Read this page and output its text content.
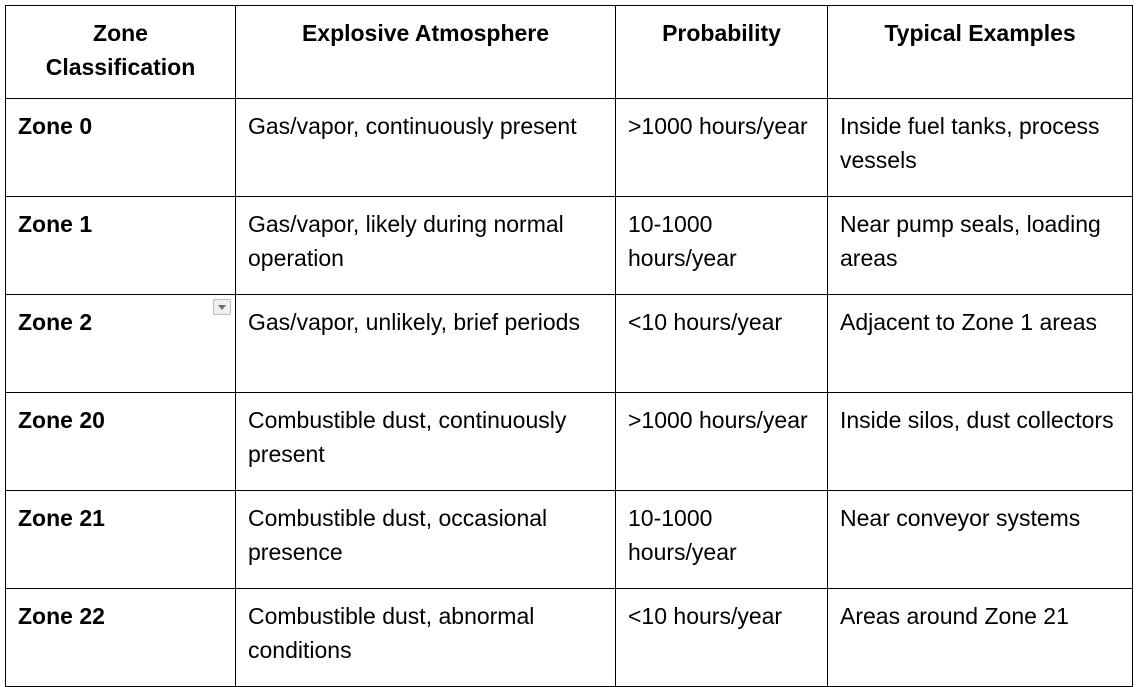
Zone Classification	Explosive Atmosphere	Probability	Typical Examples
Zone 0	Gas/vapor, continuously present	>1000 hours/year	Inside fuel tanks, process vessels
Zone 1	Gas/vapor, likely during normal operation	10-1000 hours/year	Near pump seals, loading areas
Zone 2	Gas/vapor, unlikely, brief periods	<10 hours/year	Adjacent to Zone 1 areas
Zone 20	Combustible dust, continuously present	>1000 hours/year	Inside silos, dust collectors
Zone 21	Combustible dust, occasional presence	10-1000 hours/year	Near conveyor systems
Zone 22	Combustible dust, abnormal conditions	<10 hours/year	Areas around Zone 21
